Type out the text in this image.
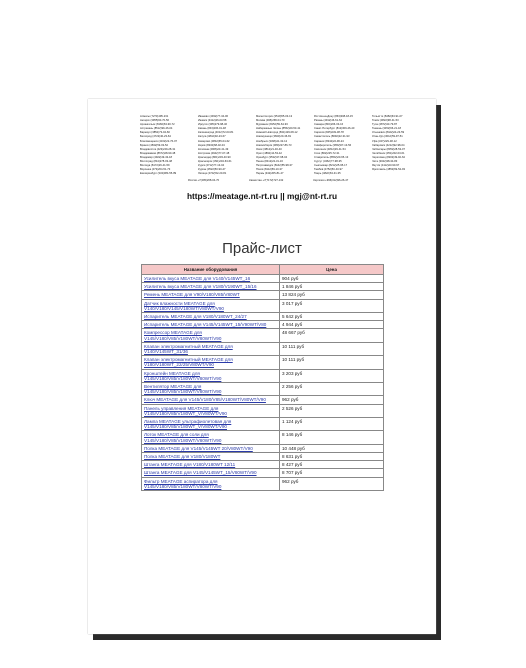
Алматы (7273)495-231
Ангарск (3955)60-70-56
Архангельск (8182)63-90-72
Астрахань (8512)99-46-04
Барнаул (3852)73-04-60
Белгород (4722)40-23-64
Благовещенск (4162)22-76-07
Брянск (4832)59-03-52
Владивосток (423)249-28-31
Владикавказ (8672)28-90-48
Владимир (4922)49-43-18
Волгоград (844)278-03-48
Вологда (8172)26-41-59
Воронеж (473)204-51-73
Екатеринбург (343)384-55-89
Иваново (4932)77-34-06
Ижевск (3412)26-03-58
Иркутск (395)279-98-46
Казань (843)206-01-48
Калининград (4012)72-03-81
Калуга (4842)92-23-67
Кемерово (3842)65-04-62
Киров (8332)68-02-04
Коломна (4966)23-41-49
Кострома (4942)77-07-48
Краснодар (861)203-40-90
Красноярск (391)204-63-61
Курск (4712)77-13-04
Курган (3522)50-90-47
Липецк (4742)52-20-81
Магнитогорск (3519)55-03-13
Москва (495)268-04-70
Мурманск (8152)59-64-93
Набережные Челны (8552)20-53-41
Нижний Новгород (831)429-08-12
Новокузнецк (3843)20-46-81
Ноябрьск (3496)41-32-12
Новосибирск (383)227-86-73
Омск (3812)21-46-40
Орел (4862)44-53-42
Оренбург (3532)37-68-04
Пенза (8412)22-31-16
Петрозаводск (8142)55-98-37
Псков (8112)59-10-37
Пермь (342)205-81-47
Ростов-на-Дону (863)308-18-15
Рязань (4912)46-61-64
Самара (846)206-03-16
Санкт-Петербург (812)309-46-40
Саратов (845)249-38-78
Севастополь (8692)22-31-93
Саранск (8342)22-96-24
Симферополь (3652)67-13-56
Смоленск (4812)29-41-54
Сочи (862)225-72-31
Ставрополь (8652)20-65-13
Сургут (3462)77-98-35
Сыктывкар (8212)25-95-17
Тамбов (4752)50-40-97
Тверь (4822)63-31-35
Тольятти (8482)63-91-07
Томск (3822)98-41-53
Тула (4872)33-79-87
Тюмень (3452)66-21-18
Ульяновск (8422)24-23-59
Улан-Удэ (3012)59-97-51
Уфа (347)229-48-12
Хабаровск (4212)92-98-04
Чебоксары (8352)28-53-07
Челябинск (351)202-03-61
Череповец (8202)49-02-64
Чита (3022)38-34-83
Якутск (4112)23-90-97
Ярославль (4852)69-52-93
Россия +7(495)268-04-70	Казахстан +7(7172)727-132	Киргизия +996(312)96-26-47
https://meatage.nt-rt.ru || mgj@nt-rt.ru
Прайс-лист
Название оборудования	Цена

Усилитель вкуса MEATAGE для V140/V145WT_16	904 руб

Усилитель вкуса MEATAGE для V180/V190WT_15/16	1 846 руб

Ремень MEATAGE для V90/V180/V85/V80WT	13 824 руб

Датчик влажности MEATAGE для V140/V180/V145/V180WT/V80WT/V90	3 017 руб

Испаритель MEATAGE для V180/V180WT_24/27	5 642 руб

Испаритель MEATAGE для V145/V145WT_15/V90WT/V80	4 944 руб

Компрессор MEATAGE для V145/V180/V85/V180WT/V80WT/V90	48 667 руб

Клапан электромагнитный MEATAGE для V140/V145WT_31/36	10 111 руб

Клапан электромагнитный MEATAGE для V180/V180WT_22/25/V80WT/V90	10 111 руб

Кронштейн MEATAGE для V145/V180/V85/V180WT/V80WT/V90	3 203 руб

Вентилятор MEATAGE для V145/V180/V85/V180WT/V80WT/V90	2 256 руб

Ключ MEATAGE для V145/V180/V85/V180WT/V80WT/V90	962 руб

Панель управления MEATAGE для V145/V180/V85/V180WT_V/V80WT/V90	2 526 руб

Лампа MEATAGE ультрафиолетовая для V145/V180/V85/V180WT_V/V80WT/V90	1 124 руб

Лоток MEATAGE для соли для V145/V180/V85/V180WT/V80WT/V90	8 146 руб

Полка MEATAGE для V145/V145WT 20/V80WT/V90	10 448 руб

Полка MEATAGE для V180/V180WT	8 631 руб

Штанга MEATAGE для V180/V180WT 12/11	8 427 руб

Штанга MEATAGE для V145/V145WT_15/V80WT/V90	8 707 руб

Фильтр MEATAGE аспиратора для V145/V180/V85/V180WT/V80WT/V90	962 руб
